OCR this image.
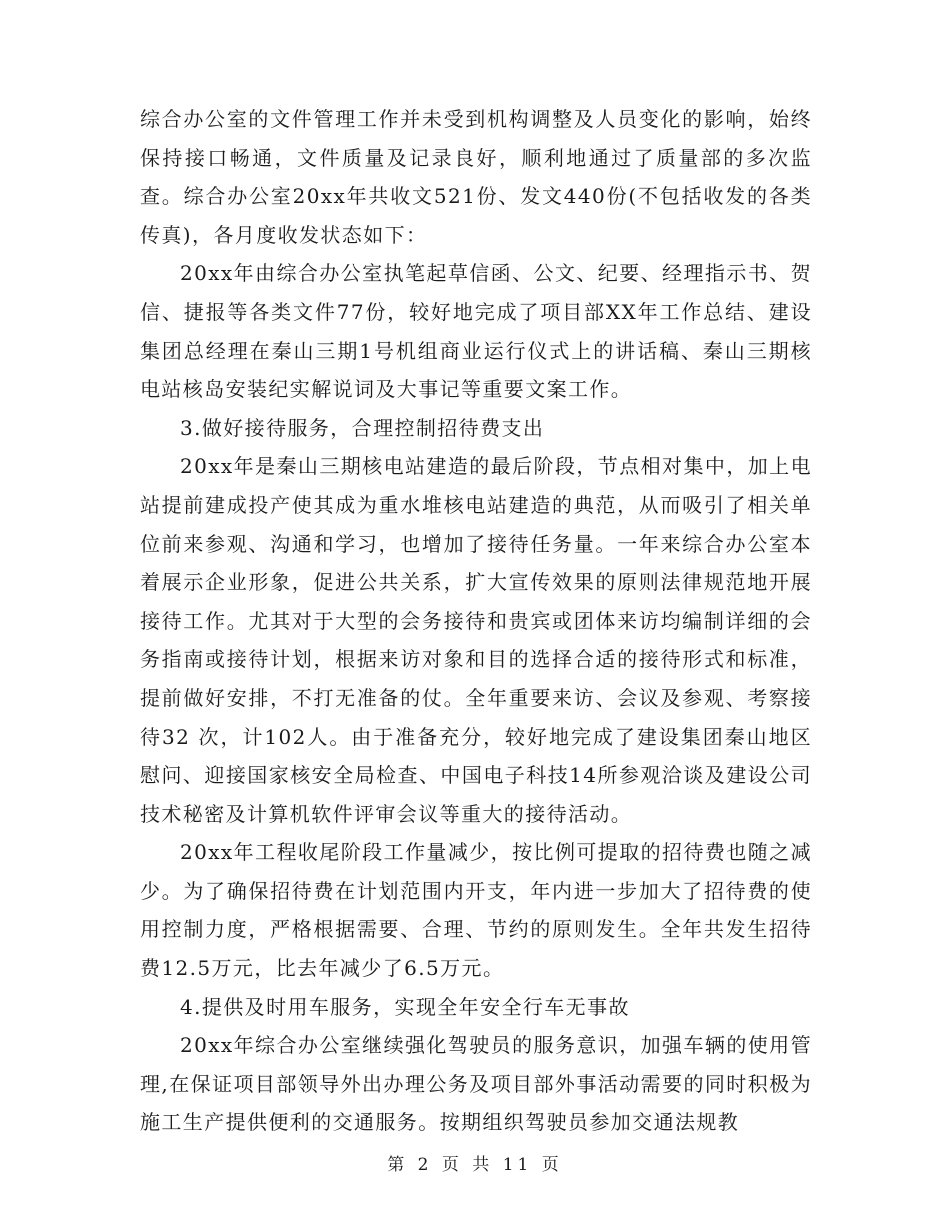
综合办公室的文件管理工作并未受到机构调整及人员变化的影响，始终保持接口畅通，文件质量及记录良好，顺利地通过了质量部的多次监查。综合办公室20xx年共收文521份、发文440份(不包括收发的各类传真)，各月度收发状态如下：

20xx年由综合办公室执笔起草信函、公文、纪要、经理指示书、贺信、捷报等各类文件77份，较好地完成了项目部XX年工作总结、建设集团总经理在秦山三期1号机组商业运行仪式上的讲话稿、秦山三期核电站核岛安装纪实解说词及大事记等重要文案工作。

3.做好接待服务，合理控制招待费支出

20xx年是秦山三期核电站建造的最后阶段，节点相对集中，加上电站提前建成投产使其成为重水堆核电站建造的典范，从而吸引了相关单位前来参观、沟通和学习，也增加了接待任务量。一年来综合办公室本着展示企业形象，促进公共关系，扩大宣传效果的原则法律规范地开展接待工作。尤其对于大型的会务接待和贵宾或团体来访均编制详细的会务指南或接待计划，根据来访对象和目的选择合适的接待形式和标准，提前做好安排，不打无准备的仗。全年重要来访、会议及参观、考察接待32 次，计102人。由于准备充分，较好地完成了建设集团秦山地区慰问、迎接国家核安全局检查、中国电子科技14所参观洽谈及建设公司技术秘密及计算机软件评审会议等重大的接待活动。

20xx年工程收尾阶段工作量减少，按比例可提取的招待费也随之减少。为了确保招待费在计划范围内开支，年内进一步加大了招待费的使用控制力度，严格根据需要、合理、节约的原则发生。全年共发生招待费12.5万元，比去年减少了6.5万元。

4.提供及时用车服务，实现全年安全行车无事故

20xx年综合办公室继续强化驾驶员的服务意识，加强车辆的使用管理,在保证项目部领导外出办理公务及项目部外事活动需要的同时积极为施工生产提供便利的交通服务。按期组织驾驶员参加交通法规教

第 2 页 共 11 页
